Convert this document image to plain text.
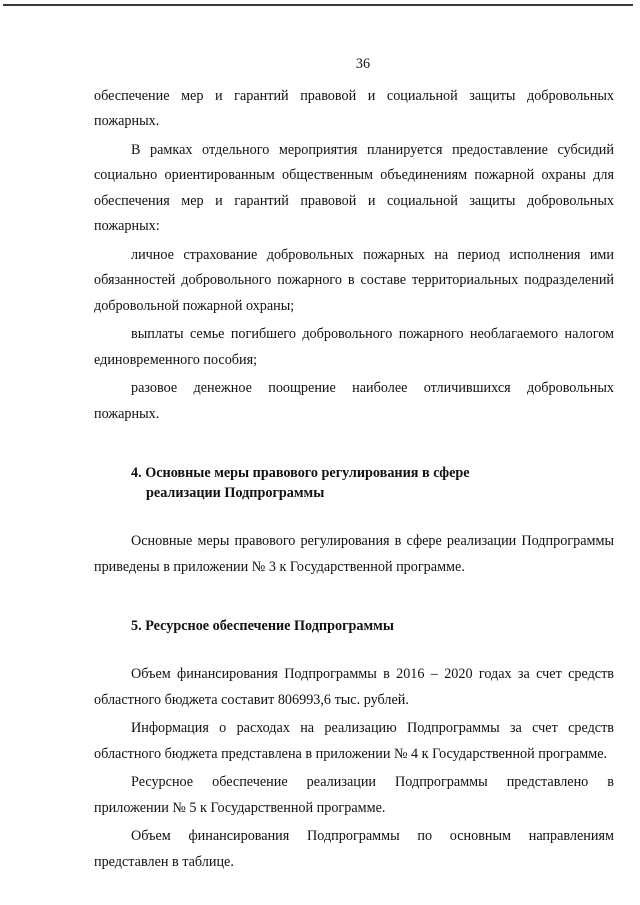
36

обеспечение мер и гарантий правовой и социальной защиты добровольных пожарных.

В рамках отдельного мероприятия планируется предоставление субсидий социально ориентированным общественным объединениям пожарной охраны для обеспечения мер и гарантий правовой и социальной защиты добровольных пожарных:

личное страхование добровольных пожарных на период исполнения ими обязанностей добровольного пожарного в составе территориальных подразделений добровольной пожарной охраны;

выплаты семье погибшего добровольного пожарного необлагаемого налогом единовременного пособия;

разовое денежное поощрение наиболее отличившихся добровольных пожарных.

4. Основные меры правового регулирования в сфере
реализации Подпрограммы

Основные меры правового регулирования в сфере реализации Подпрограммы приведены в приложении № 3 к Государственной программе.

5. Ресурсное обеспечение Подпрограммы

Объем финансирования Подпрограммы в 2016 – 2020 годах за счет средств областного бюджета составит 806993,6 тыс. рублей.

Информация о расходах на реализацию Подпрограммы за счет средств областного бюджета представлена в приложении № 4 к Государственной программе.

Ресурсное обеспечение реализации Подпрограммы представлено в приложении № 5 к Государственной программе.

Объем финансирования Подпрограммы по основным направлениям представлен в таблице.
